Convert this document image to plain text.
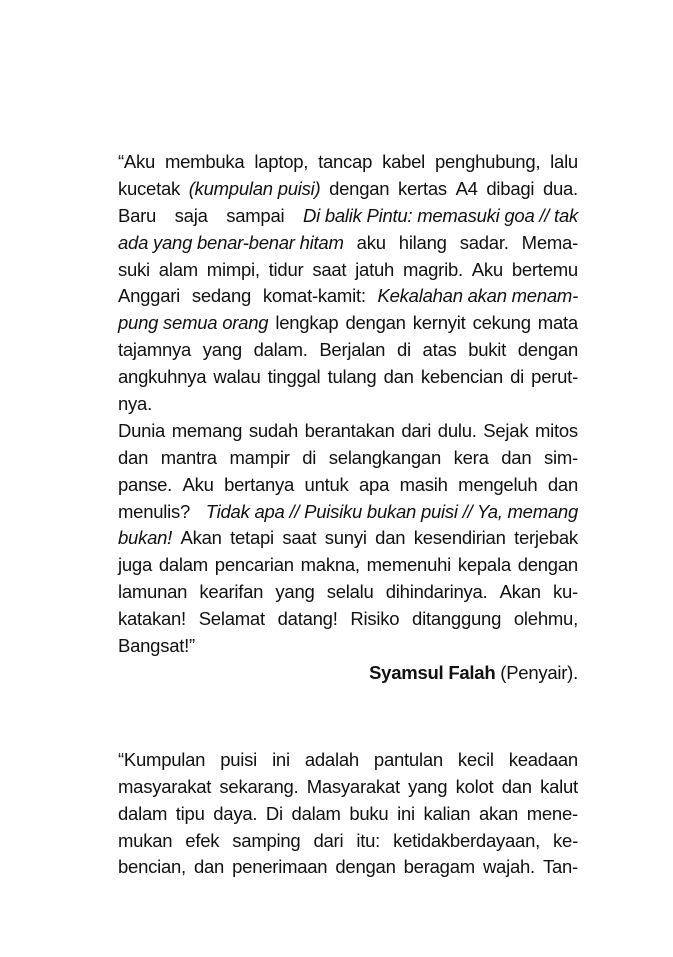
“Aku membuka laptop, tancap kabel penghubung, lalu
kucetak (kumpulan puisi) dengan kertas A4 dibagi dua.
Baru saja sampai Di balik Pintu: memasuki goa // tak
ada yang benar-benar hitam aku hilang sadar. Mema-
suki alam mimpi, tidur saat jatuh magrib. Aku bertemu
Anggari sedang komat-kamit: Kekalahan akan menam-
pung semua orang lengkap dengan kernyit cekung mata
tajamnya yang dalam. Berjalan di atas bukit dengan
angkuhnya walau tinggal tulang dan kebencian di perut-
nya.
Dunia memang sudah berantakan dari dulu. Sejak mitos
dan mantra mampir di selangkangan kera dan sim-
panse. Aku bertanya untuk apa masih mengeluh dan
menulis? Tidak apa // Puisiku bukan puisi // Ya, memang
bukan! Akan tetapi saat sunyi dan kesendirian terjebak
juga dalam pencarian makna, memenuhi kepala dengan
lamunan kearifan yang selalu dihindarinya. Akan ku-
katakan! Selamat datang! Risiko ditanggung olehmu,
Bangsat!”
Syamsul Falah (Penyair).
“Kumpulan puisi ini adalah pantulan kecil keadaan
masyarakat sekarang. Masyarakat yang kolot dan kalut
dalam tipu daya. Di dalam buku ini kalian akan mene-
mukan efek samping dari itu: ketidakberdayaan, ke-
bencian, dan penerimaan dengan beragam wajah. Tan-
